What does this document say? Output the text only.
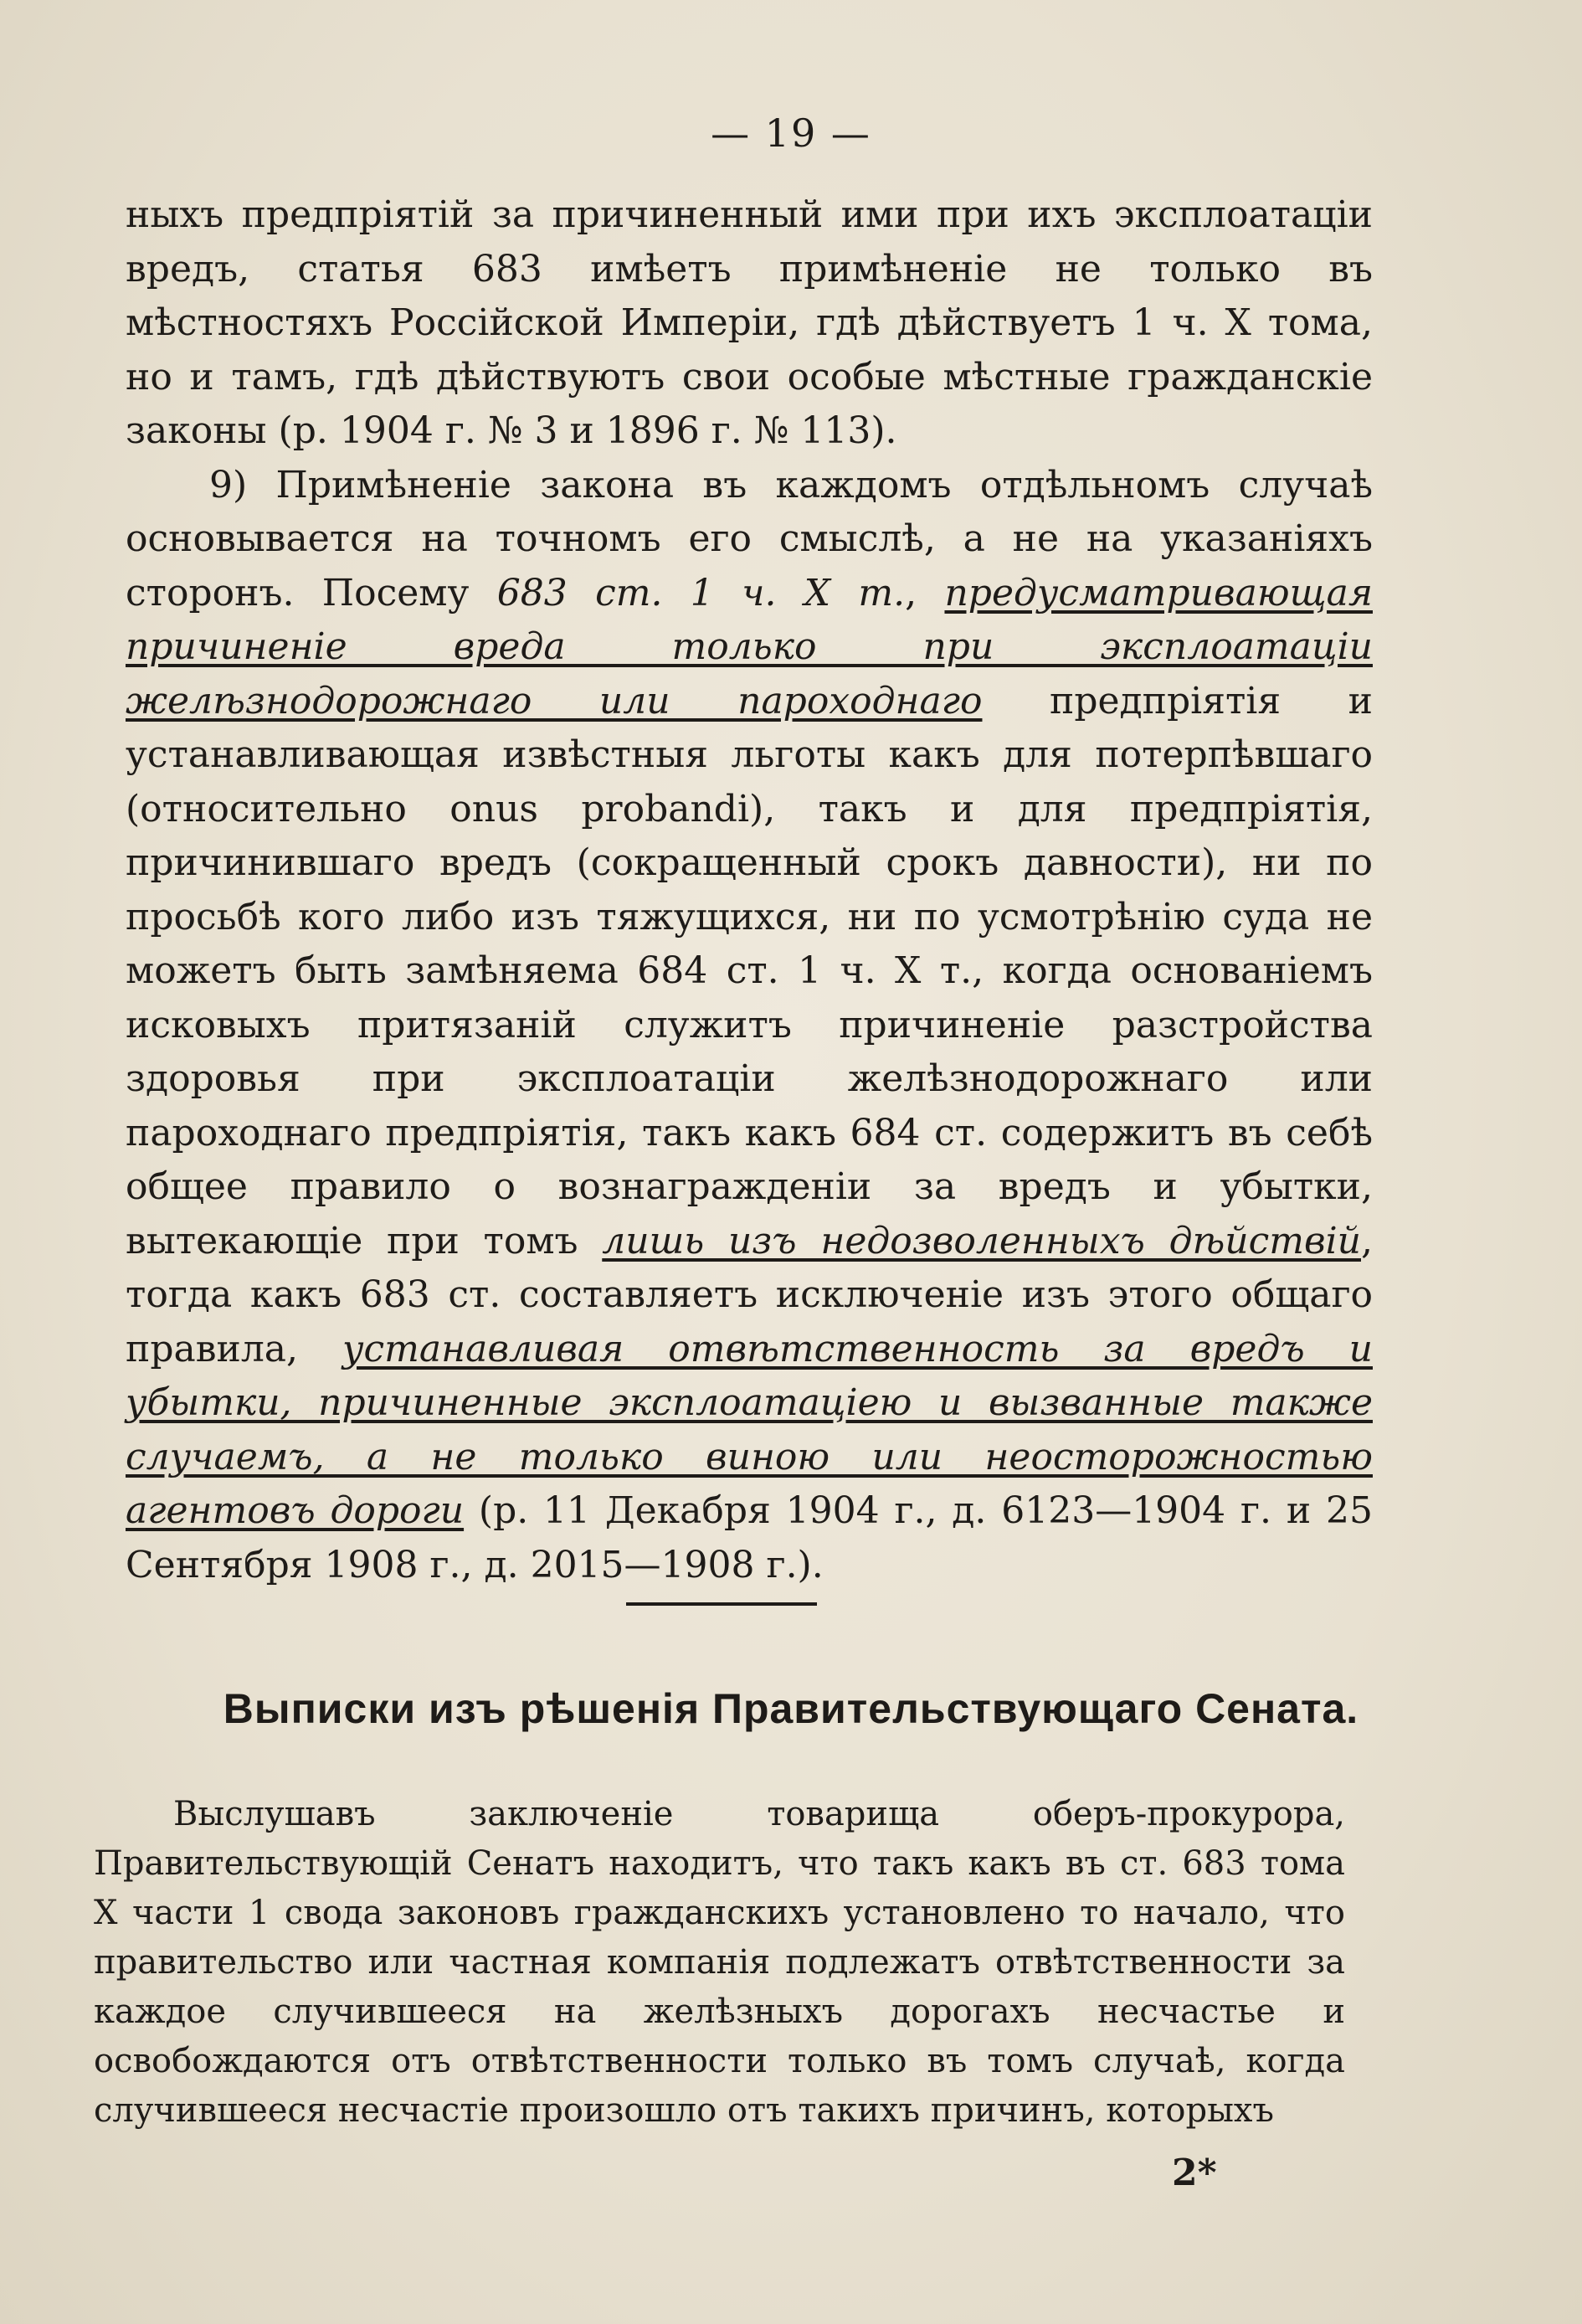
— 19 —

ныхъ предпріятій за причиненный ими при ихъ эксплоатаціи вредъ, статья 683 имѣетъ примѣненіе не только въ мѣстностяхъ Россійской Имперіи, гдѣ дѣйствуетъ 1 ч. X тома, но и тамъ, гдѣ дѣйствуютъ свои особые мѣстные гражданскіе законы (р. 1904 г. № 3 и 1896 г. № 113).

9) Примѣненіе закона въ каждомъ отдѣльномъ случаѣ основывается на точномъ его смыслѣ, а не на указаніяхъ сторонъ. Посему 683 ст. 1 ч. X т., предусматривающая причиненіе вреда только при эксплоатаціи желѣзнодорожнаго или пароходнаго предпріятія и устанавливающая извѣстныя льготы какъ для потерпѣвшаго (относительно onus probandi), такъ и для предпріятія, причинившаго вредъ (сокращенный срокъ давности), ни по просьбѣ кого либо изъ тяжущихся, ни по усмотрѣнію суда не можетъ быть замѣняема 684 ст. 1 ч. X т., когда основаніемъ исковыхъ притязаній служитъ причиненіе разстройства здоровья при эксплоатаціи желѣзнодорожнаго или пароходнаго предпріятія, такъ какъ 684 ст. содержитъ въ себѣ общее правило о вознагражденіи за вредъ и убытки, вытекающіе при томъ лишь изъ недозволенныхъ дѣйствій, тогда какъ 683 ст. составляетъ исключеніе изъ этого общаго правила, устанавливая отвѣтственность за вредъ и убытки, причиненные эксплоатаціею и вызванные также случаемъ, а не только виною или неосторожностью агентовъ дороги (р. 11 Декабря 1904 г., д. 6123—1904 г. и 25 Сентября 1908 г., д. 2015—1908 г.).

Выписки изъ рѣшенія Правительствующаго Сената.

Выслушавъ заключеніе товарища оберъ-прокурора, Правительствующій Сенатъ находитъ, что такъ какъ въ ст. 683 тома X части 1 свода законовъ гражданскихъ установлено то начало, что правительство или частная компанія подлежатъ отвѣтственности за каждое случившееся на желѣзныхъ дорогахъ несчастье и освобождаются отъ отвѣтственности только въ томъ случаѣ, когда случившееся несчастіе произошло отъ такихъ причинъ, которыхъ

2*
